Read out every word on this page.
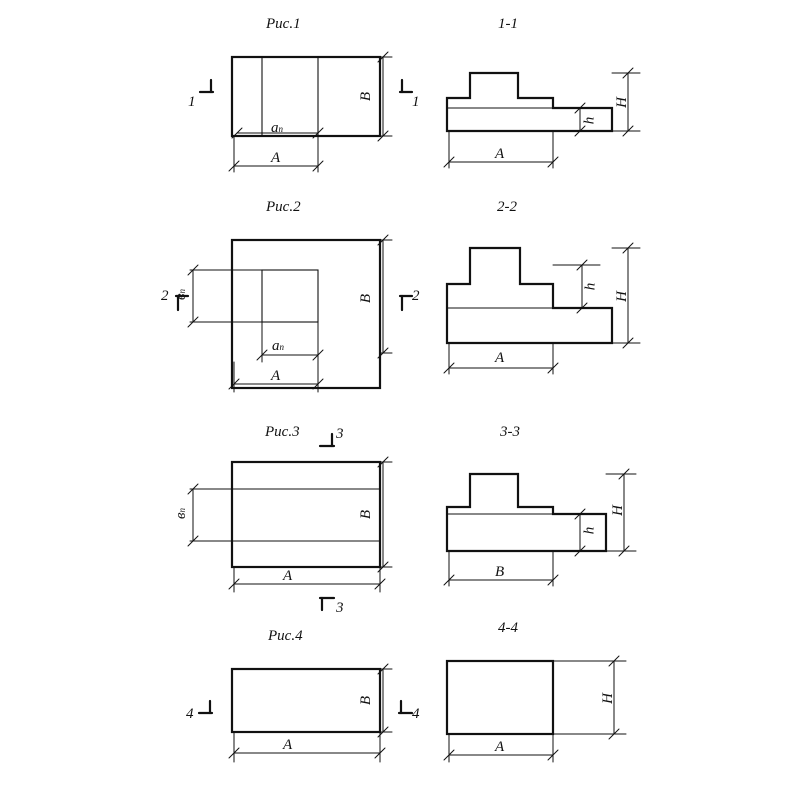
Рис.1	1-1
ап
А
В
А
h
Н
1	1
Рис.2	2-2
вп
ап
А
В
А
h
Н
2	2
Рис.3	3-3
вп
А
В
В
h
Н
3
3
Рис.4	4-4
А
В
А
Н
4	4
